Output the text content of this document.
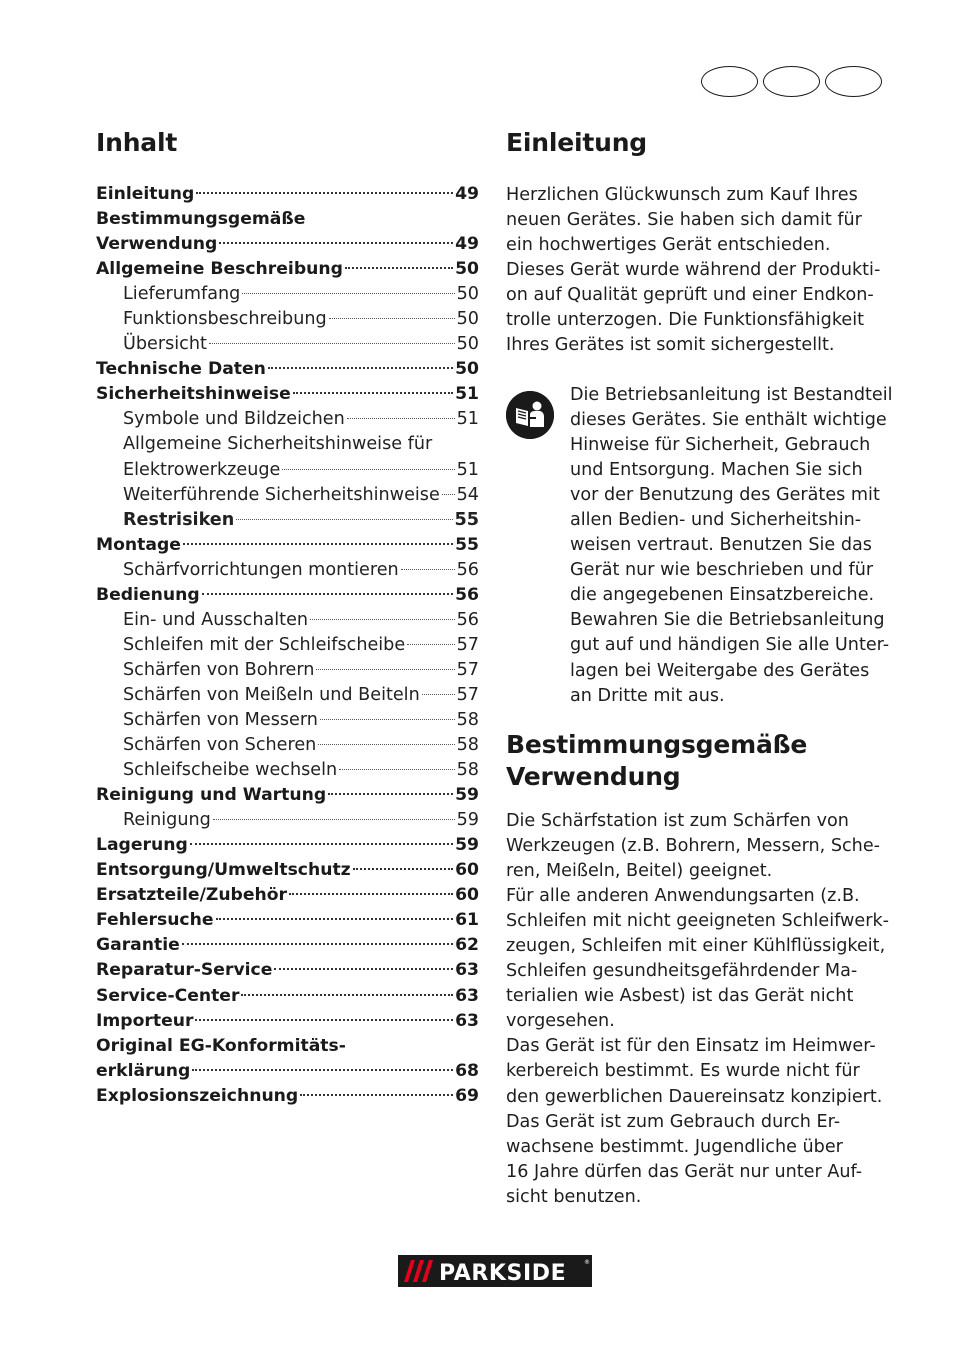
Inhalt
Einleitung	49
Bestimmungsgemäße
Verwendung	49
Allgemeine Beschreibung	50
Lieferumfang	50
Funktionsbeschreibung	50
Übersicht	50
Technische Daten	50
Sicherheitshinweise	51
Symbole und Bildzeichen	51
Allgemeine Sicherheitshinweise für
Elektrowerkzeuge	51
Weiterführende Sicherheitshinweise 54
Restrisiken	55
Montage	55
Schärfvorrichtungen montieren	56
Bedienung	56
Ein- und Ausschalten	56
Schleifen mit der Schleifscheibe	57
Schärfen von Bohrern	57
Schärfen von Meißeln und Beiteln 57
Schärfen von Messern	58
Schärfen von Scheren	58
Schleifscheibe wechseln	58
Reinigung und Wartung	59
Reinigung	59
Lagerung	59
Entsorgung/Umweltschutz	60
Ersatzteile/Zubehör	60
Fehlersuche	61
Garantie	62
Reparatur-Service	63
Service-Center	63
Importeur	63
Original EG-Konformitäts-
erklärung	68
Explosionszeichnung	69
Einleitung
Herzlichen Glückwunsch zum Kauf Ihres
neuen Gerätes. Sie haben sich damit für
ein hochwertiges Gerät entschieden.
Dieses Gerät wurde während der Produkti-
on auf Qualität geprüft und einer Endkon-
trolle unterzogen. Die Funktionsfähigkeit
Ihres Gerätes ist somit sichergestellt.
Die Betriebsanleitung ist Bestandteil
dieses Gerätes. Sie enthält wichtige
Hinweise für Sicherheit, Gebrauch
und Entsorgung. Machen Sie sich
vor der Benutzung des Gerätes mit
allen Bedien- und Sicherheitshin-
weisen vertraut. Benutzen Sie das
Gerät nur wie beschrieben und für
die angegebenen Einsatzbereiche.
Bewahren Sie die Betriebsanleitung
gut auf und händigen Sie alle Unter-
lagen bei Weitergabe des Gerätes
an Dritte mit aus.
Bestimmungsgemäße
Verwendung
Die Schärfstation ist zum Schärfen von
Werkzeugen (z.B. Bohrern, Messern, Sche-
ren, Meißeln, Beitel) geeignet.
Für alle anderen Anwendungsarten (z.B.
Schleifen mit nicht geeigneten Schleifwerk-
zeugen, Schleifen mit einer Kühlflüssigkeit,
Schleifen gesundheitsgefährdender Ma-
terialien wie Asbest) ist das Gerät nicht
vorgesehen.
Das Gerät ist für den Einsatz im Heimwer-
kerbereich bestimmt. Es wurde nicht für
den gewerblichen Dauereinsatz konzipiert.
Das Gerät ist zum Gebrauch durch Er-
wachsene bestimmt. Jugendliche über
16 Jahre dürfen das Gerät nur unter Auf-
sicht benutzen.
PARKSIDE	®
